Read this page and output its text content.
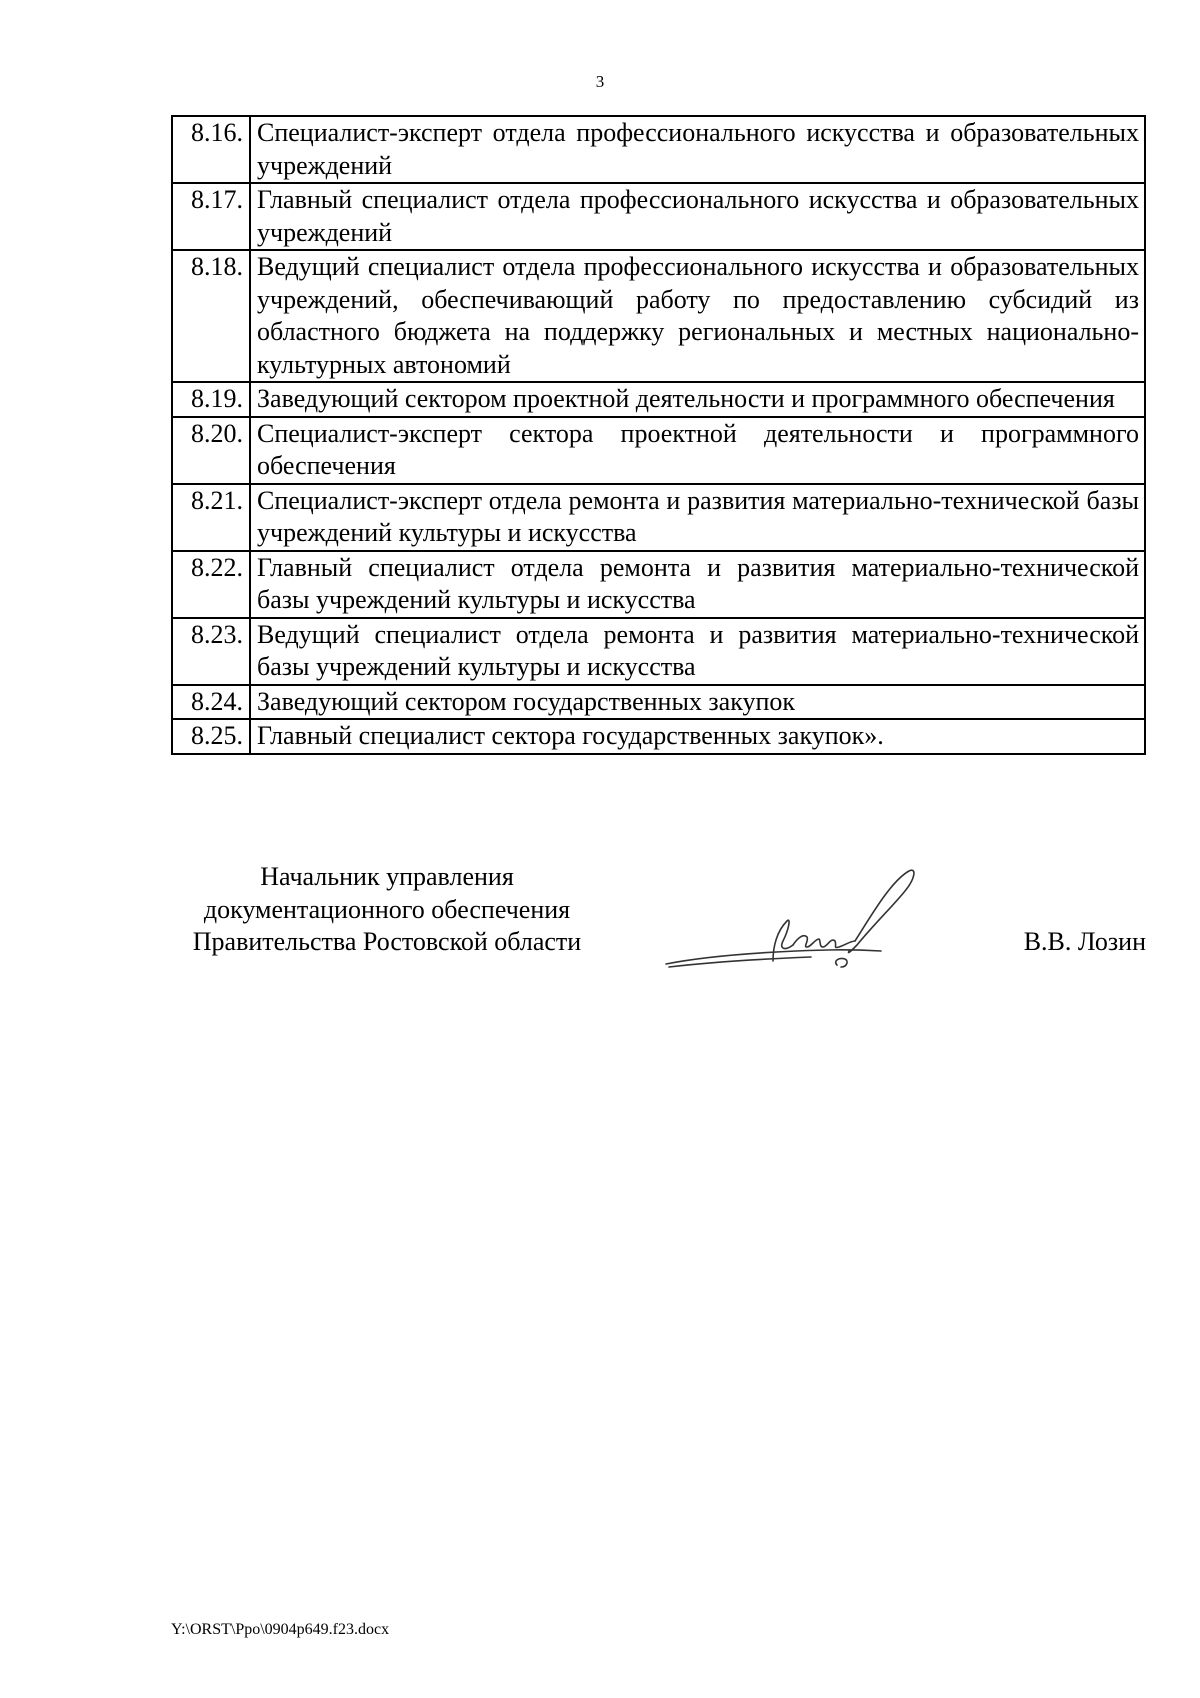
3
8.16.	Специалист-эксперт отдела профессионального искусства и образовательных учреждений
8.17.	Главный специалист отдела профессионального искусства и образовательных учреждений
8.18.	Ведущий специалист отдела профессионального искусства и образовательных учреждений, обеспечивающий работу по предоставлению субсидий из областного бюджета на поддержку региональных и местных национально-культурных автономий
8.19.	Заведующий сектором проектной деятельности и программного обеспечения
8.20.	Специалист-эксперт сектора проектной деятельности и программного обеспечения
8.21.	Специалист-эксперт отдела ремонта и развития материально-технической базы учреждений культуры и искусства
8.22.	Главный специалист отдела ремонта и развития материально-технической базы учреждений культуры и искусства
8.23.	Ведущий специалист отдела ремонта и развития материально-технической базы учреждений культуры и искусства
8.24.	Заведующий сектором государственных закупок
8.25.	Главный специалист сектора государственных закупок».
Начальник управления
документационного обеспечения
Правительства Ростовской области	В.В. Лозин
Y:\ORST\Ppo\0904p649.f23.docx
